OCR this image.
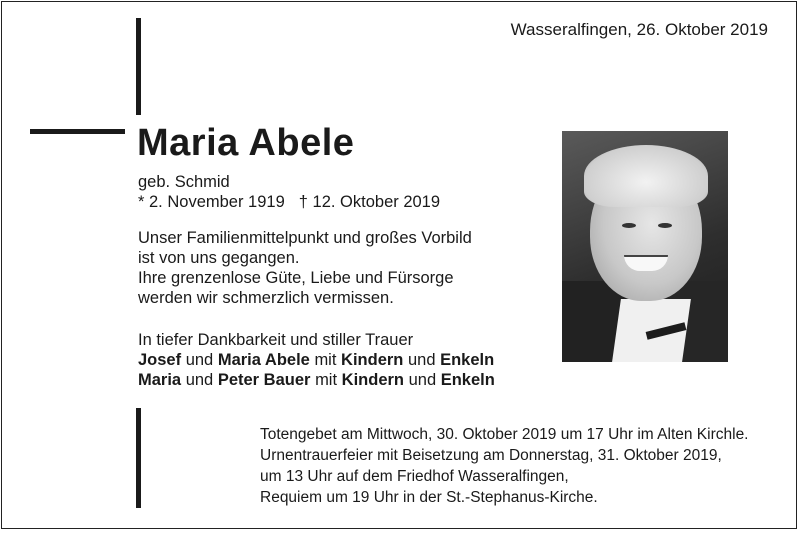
Wasseralfingen, 26. Oktober 2019
Maria Abele
geb. Schmid
* 2. November 1919 † 12. Oktober 2019
Unser Familienmittelpunkt und großes Vorbild
ist von uns gegangen.
Ihre grenzenlose Güte, Liebe und Fürsorge
werden wir schmerzlich vermissen.
In tiefer Dankbarkeit und stiller Trauer
Josef und Maria Abele mit Kindern und Enkeln
Maria und Peter Bauer mit Kindern und Enkeln
Totengebet am Mittwoch, 30. Oktober 2019 um 17 Uhr im Alten Kirchle.
Urnentrauerfeier mit Beisetzung am Donnerstag, 31. Oktober 2019,
um 13 Uhr auf dem Friedhof Wasseralfingen,
Requiem um 19 Uhr in der St.-Stephanus-Kirche.
